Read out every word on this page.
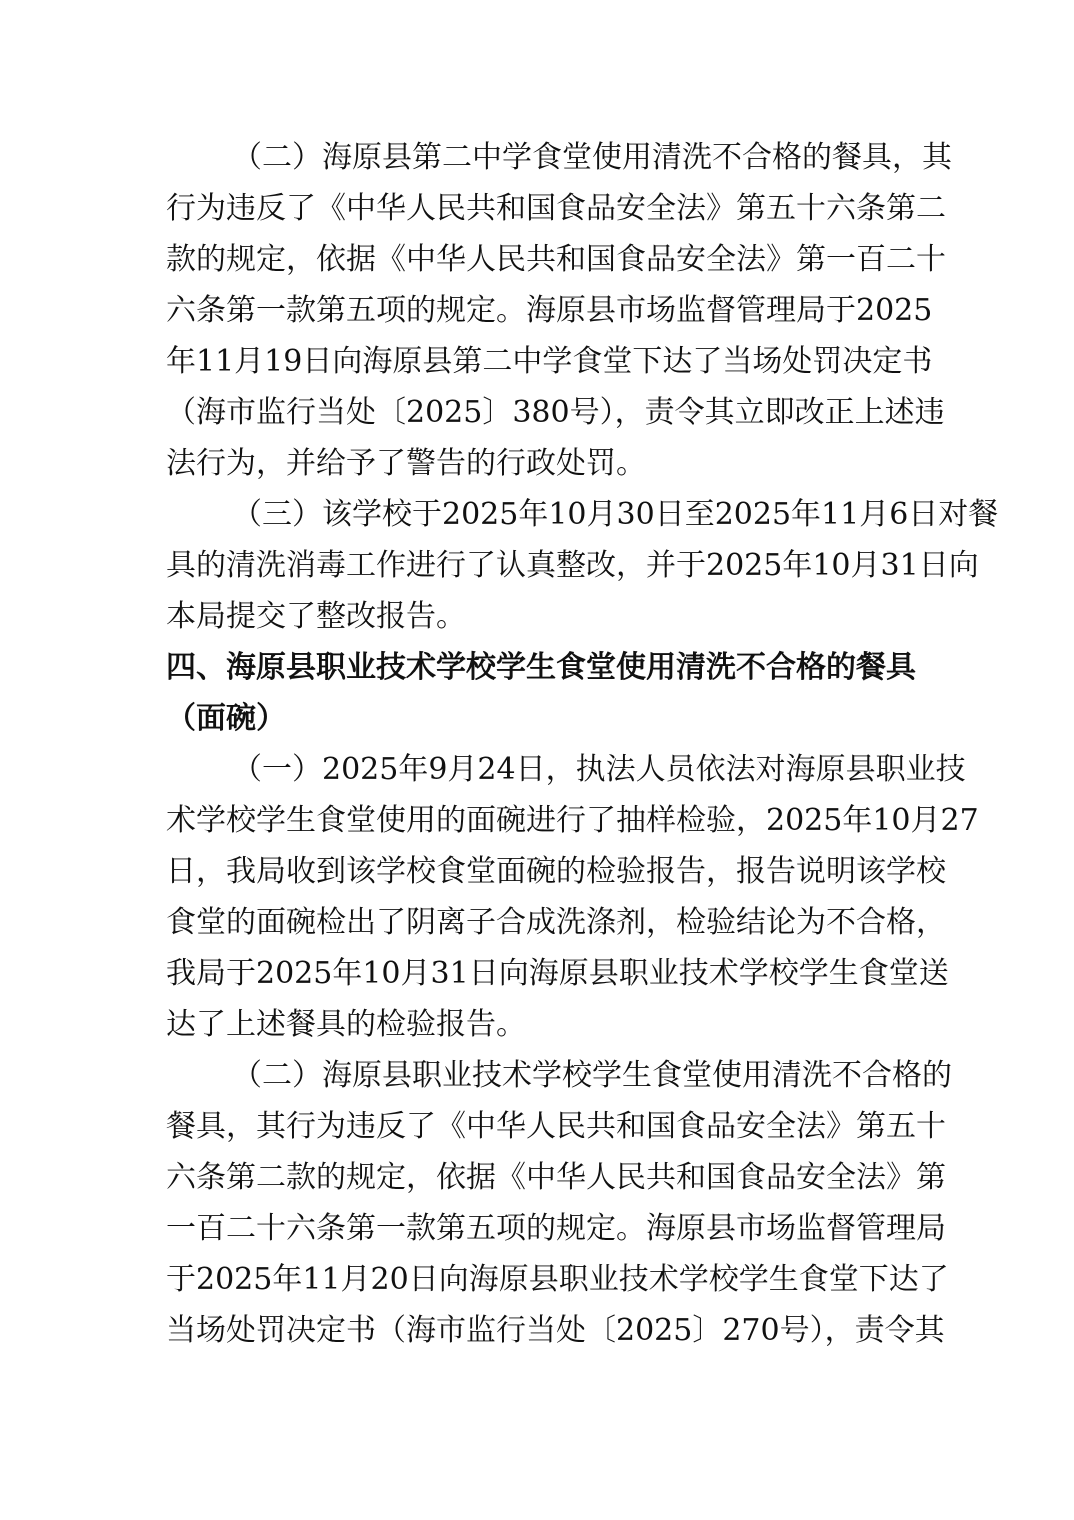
（二）海原县第二中学食堂使用清洗不合格的餐具，其
行为违反了《中华人民共和国食品安全法》第五十六条第二
款的规定，依据《中华人民共和国食品安全法》第一百二十
六条第一款第五项的规定。海原县市场监督管理局于2025
年11月19日向海原县第二中学食堂下达了当场处罚决定书
（海市监行当处〔2025〕380号），责令其立即改正上述违
法行为，并给予了警告的行政处罚。
（三）该学校于2025年10月30日至2025年11月6日对餐
具的清洗消毒工作进行了认真整改，并于2025年10月31日向
本局提交了整改报告。
四、海原县职业技术学校学生食堂使用清洗不合格的餐具
（面碗）
（一）2025年9月24日，执法人员依法对海原县职业技
术学校学生食堂使用的面碗进行了抽样检验，2025年10月27
日，我局收到该学校食堂面碗的检验报告，报告说明该学校
食堂的面碗检出了阴离子合成洗涤剂，检验结论为不合格，
我局于2025年10月31日向海原县职业技术学校学生食堂送
达了上述餐具的检验报告。
（二）海原县职业技术学校学生食堂使用清洗不合格的
餐具，其行为违反了《中华人民共和国食品安全法》第五十
六条第二款的规定，依据《中华人民共和国食品安全法》第
一百二十六条第一款第五项的规定。海原县市场监督管理局
于2025年11月20日向海原县职业技术学校学生食堂下达了
当场处罚决定书（海市监行当处〔2025〕270号），责令其
